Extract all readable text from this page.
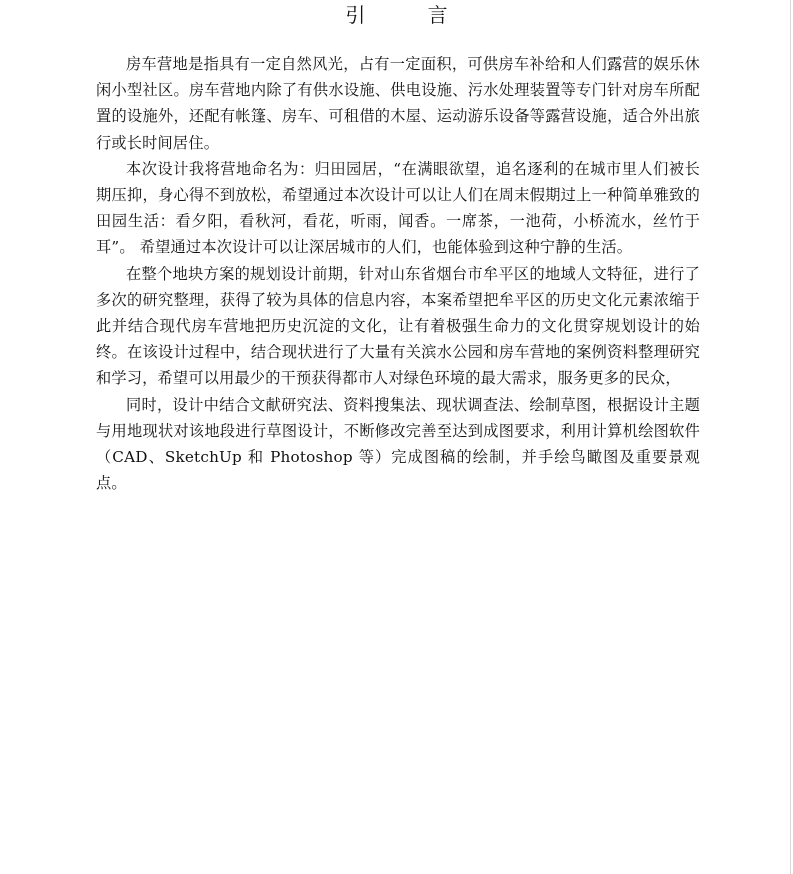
引 言

房车营地是指具有一定自然风光，占有一定面积，可供房车补给和人们露营的娱乐休闲小型社区。房车营地内除了有供水设施、供电设施、污水处理装置等专门针对房车所配置的设施外，还配有帐篷、房车、可租借的木屋、运动游乐设备等露营设施，适合外出旅行或长时间居住。

本次设计我将营地命名为：归田园居，“在满眼欲望，追名逐利的在城市里人们被长期压抑，身心得不到放松，希望通过本次设计可以让人们在周末假期过上一种简单雅致的田园生活：看夕阳，看秋河，看花，听雨，闻香。一席茶，一池荷，小桥流水，丝竹于耳”。 希望通过本次设计可以让深居城市的人们，也能体验到这种宁静的生活。

在整个地块方案的规划设计前期，针对山东省烟台市牟平区的地域人文特征，进行了多次的研究整理，获得了较为具体的信息内容，本案希望把牟平区的历史文化元素浓缩于此并结合现代房车营地把历史沉淀的文化，让有着极强生命力的文化贯穿规划设计的始终。在该设计过程中，结合现状进行了大量有关滨水公园和房车营地的案例资料整理研究和学习，希望可以用最少的干预获得都市人对绿色环境的最大需求，服务更多的民众，

同时，设计中结合文献研究法、资料搜集法、现状调查法、绘制草图，根据设计主题与用地现状对该地段进行草图设计，不断修改完善至达到成图要求，利用计算机绘图软件（CAD、SketchUp 和 Photoshop 等）完成图稿的绘制，并手绘鸟瞰图及重要景观点。
